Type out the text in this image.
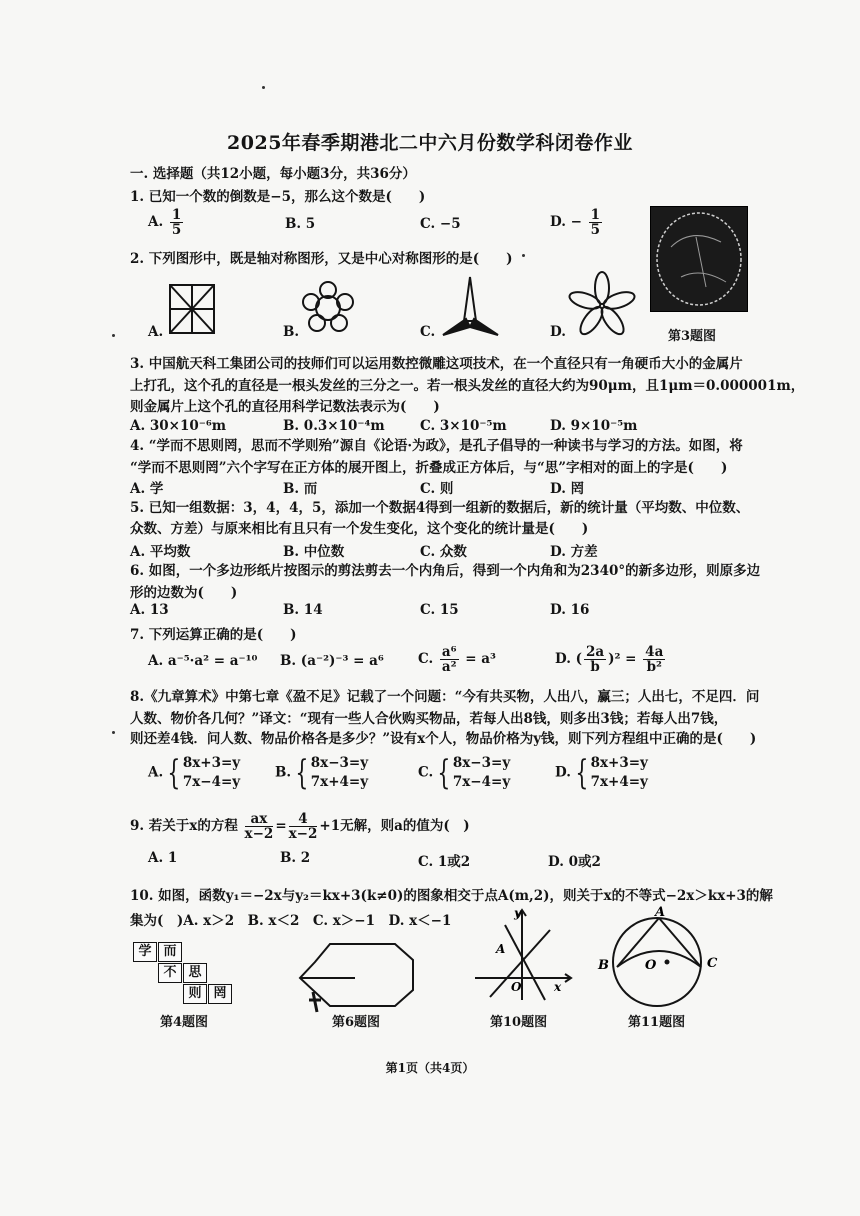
2025年春季期港北二中六月份数学科闭卷作业
一. 选择题（共12小题，每小题3分，共36分）
1. 已知一个数的倒数是−5，那么这个数是(　　)
A. $\frac{1}{5}$	B. 5	C. −5	D. − $\frac{1}{5}$
第3题图
2. 下列图形中，既是轴对称图形，又是中心对称图形的是(　　)
A.	B.	C.	D.
3. 中国航天科工集团公司的技师们可以运用数控微雕这项技术，在一个直径只有一角硬币大小的金属片
上打孔，这个孔的直径是一根头发丝的三分之一。若一根头发丝的直径大约为90μm，且1μm＝0.000001m，
则金属片上这个孔的直径用科学记数法表示为(　　)
A. 30×10⁻⁶m	B. 0.3×10⁻⁴m	C. 3×10⁻⁵m	D. 9×10⁻⁵m
4. “学而不思则罔，思而不学则殆”源自《论语·为政》，是孔子倡导的一种读书与学习的方法。如图，将
“学而不思则罔”六个字写在正方体的展开图上，折叠成正方体后，与“思”字相对的面上的字是(　　)
A. 学	B. 而	C. 则	D. 罔
5. 已知一组数据：3，4，4，5，添加一个数据4得到一组新的数据后，新的统计量（平均数、中位数、
众数、方差）与原来相比有且只有一个发生变化，这个变化的统计量是(　　)
A. 平均数	B. 中位数	C. 众数	D. 方差
6. 如图，一个多边形纸片按图示的剪法剪去一个内角后，得到一个内角和为2340°的新多边形，则原多边
形的边数为(　　)
A. 13	B. 14	C. 15	D. 16
7. 下列运算正确的是(　　)
A. a⁻⁵·a² = a⁻¹⁰ B. (a⁻²)⁻³ = a⁶	C. $\frac{\text{a⁶}}{\text{a²}} = a^3$	D. ( $\frac{2a}{b} )^2 = \frac{4a}{\text{b²}}$
8.《九章算术》中第七章《盈不足》记载了一个问题：“今有共买物，人出八，赢三；人出七，不足四．问
人数、物价各几何？”译文：“现有一些人合伙购买物品，若每人出8钱，则多出3钱；若每人出7钱，
则还差4钱．问人数、物品价格各是多少？”设有x个人，物品价格为y钱，则下列方程组中正确的是(　　)
A. { 8x+3=y
7x−4=y
B. { 8x−3=y
7x+4=y
C. { 8x−3=y
7x−4=y
D. { 8x+3=y
7x+4=y
9. 若关于x的方程 $\frac{ax}{x-2} = \frac{4}{x-2} +1$无解，则a的值为(　)
A. 1	B. 2	C. 1或2	D. 0或2
10. 如图，函数y₁＝−2x与y₂＝kx+3(k≠0)的图象相交于点A(m,2)，则关于x的不等式−2x＞kx+3的解
集为(　)A. x＞2　B. x＜2　C. x＞−1　D. x＜−1
学 而
不 思
则 罔
第4题图	第6题图
y
A
O	x
第10题图
A
B	O	C
第11题图
第1页（共4页）
